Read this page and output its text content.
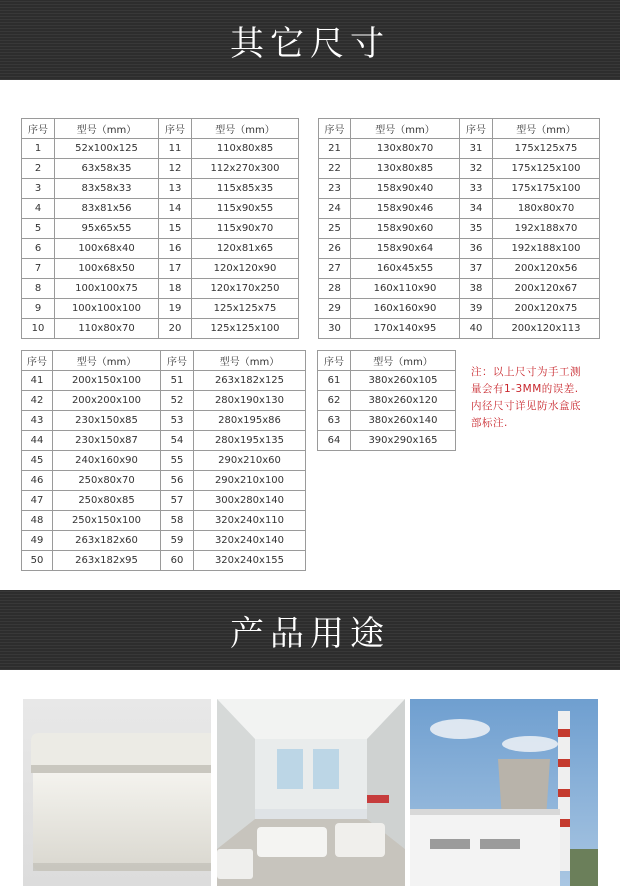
其它尺寸
序号	型号（mm）	序号	型号（mm）
1	52x100x125	11	110x80x85
2	63x58x35	12	112x270x300
3	83x58x33	13	115x85x35
4	83x81x56	14	115x90x55
5	95x65x55	15	115x90x70
6	100x68x40	16	120x81x65
7	100x68x50	17	120x120x90
8	100x100x75	18	120x170x250
9	100x100x100	19	125x125x75
10	110x80x70	20	125x125x100
序号	型号（mm）	序号	型号（mm）
21	130x80x70	31	175x125x75
22	130x80x85	32	175x125x100
23	158x90x40	33	175x175x100
24	158x90x46	34	180x80x70
25	158x90x60	35	192x188x70
26	158x90x64	36	192x188x100
27	160x45x55	37	200x120x56
28	160x110x90	38	200x120x67
29	160x160x90	39	200x120x75
30	170x140x95	40	200x120x113
序号	型号（mm）	序号	型号（mm）
41	200x150x100	51	263x182x125
42	200x200x100	52	280x190x130
43	230x150x85	53	280x195x86
44	230x150x87	54	280x195x135
45	240x160x90	55	290x210x60
46	250x80x70	56	290x210x100
47	250x80x85	57	300x280x140
48	250x150x100	58	320x240x110
49	263x182x60	59	320x240x140
50	263x182x95	60	320x240x155
序号	型号（mm）
61	380x260x105
62	380x260x120
63	380x260x140
64	390x290x165
注：以上尺寸为手工测
量会有1-3MM的误差.
内径尺寸详见防水盒底
部标注.
产品用途
